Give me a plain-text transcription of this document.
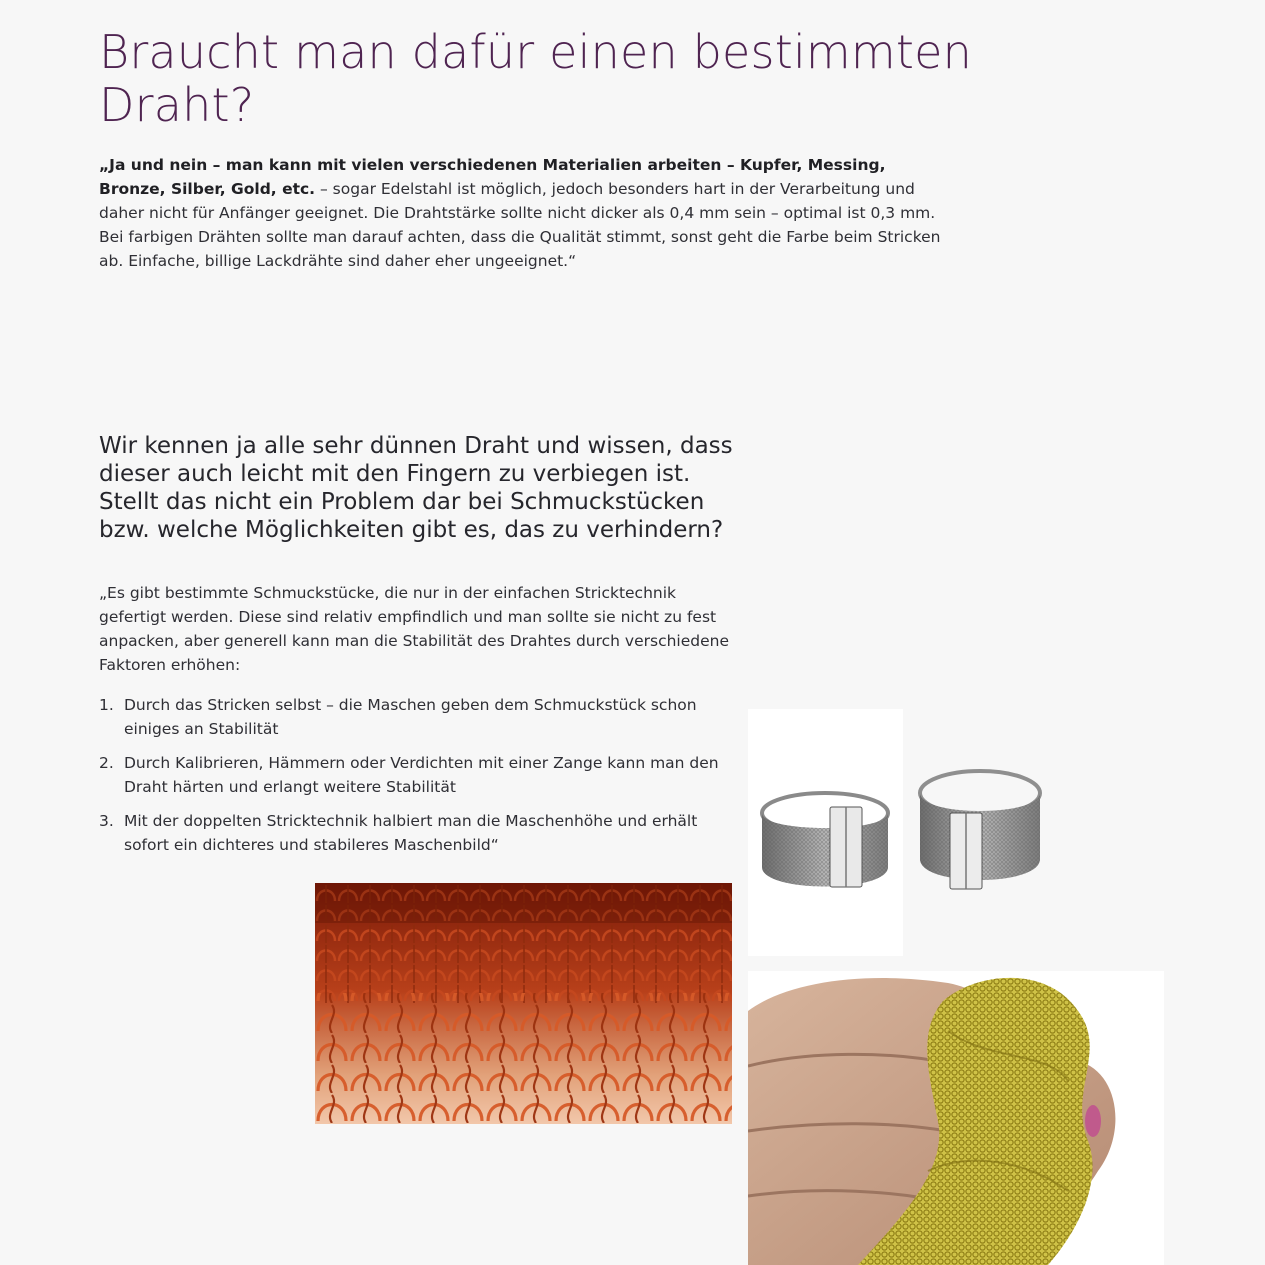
Braucht man dafür einen bestimmten Draht?

„Ja und nein – man kann mit vielen verschiedenen Materialien arbeiten – Kupfer, Messing, Bronze, Silber, Gold, etc. – sogar Edelstahl ist möglich, jedoch besonders hart in der Verarbeitung und daher nicht für Anfänger geeignet. Die Drahtstärke sollte nicht dicker als 0,4 mm sein – optimal ist 0,3 mm. Bei farbigen Drähten sollte man darauf achten, dass die Qualität stimmt, sonst geht die Farbe beim Stricken ab. Einfache, billige Lackdrähte sind daher eher ungeeignet.“

Wir kennen ja alle sehr dünnen Draht und wissen, dass dieser auch leicht mit den Fingern zu verbiegen ist. Stellt das nicht ein Problem dar bei Schmuckstücken bzw. welche Möglichkeiten gibt es, das zu verhindern?

„Es gibt bestimmte Schmuckstücke, die nur in der einfachen Stricktechnik gefertigt werden. Diese sind relativ empfindlich und man sollte sie nicht zu fest anpacken, aber generell kann man die Stabilität des Drahtes durch verschiedene Faktoren erhöhen:

1. Durch das Stricken selbst – die Maschen geben dem Schmuckstück schon einiges an Stabilität
2. Durch Kalibrieren, Hämmern oder Verdichten mit einer Zange kann man den Draht härten und erlangt weitere Stabilität
3. Mit der doppelten Stricktechnik halbiert man die Maschenhöhe und erhält sofort ein dichteres und stabileres Maschenbild“
